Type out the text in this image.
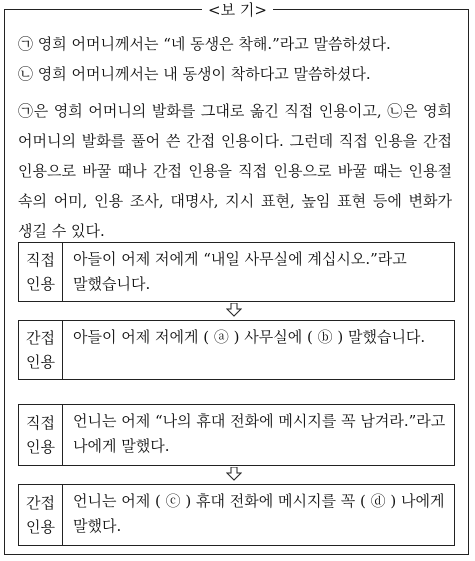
<보 기>
㉠ 영희 어머니께서는 “네 동생은 착해.”라고 말씀하셨다.
㉡ 영희 어머니께서는 내 동생이 착하다고 말씀하셨다.

㉠은 영희 어머니의 발화를 그대로 옮긴 직접 인용이고, ㉡은 영희 어머니의 발화를 풀어 쓴 간접 인용이다. 그런데 직접 인용을 간접 인용으로 바꿀 때나 간접 인용을 직접 인용으로 바꿀 때는 인용절 속의 어미, 인용 조사, 대명사, 지시 표현, 높임 표현 등에 변화가 생길 수 있다.

직접
인용
아들이 어제 저에게 “내일 사무실에 계십시오.”라고 말했습니다.
간접
인용
아들이 어제 저에게 ( ⓐ ) 사무실에 ( ⓑ ) 말했습니다.
직접
인용
언니는 어제 “나의 휴대 전화에 메시지를 꼭 남겨라.”라고 나에게 말했다.
간접
인용
언니는 어제 ( ⓒ ) 휴대 전화에 메시지를 꼭 ( ⓓ ) 나에게 말했다.
